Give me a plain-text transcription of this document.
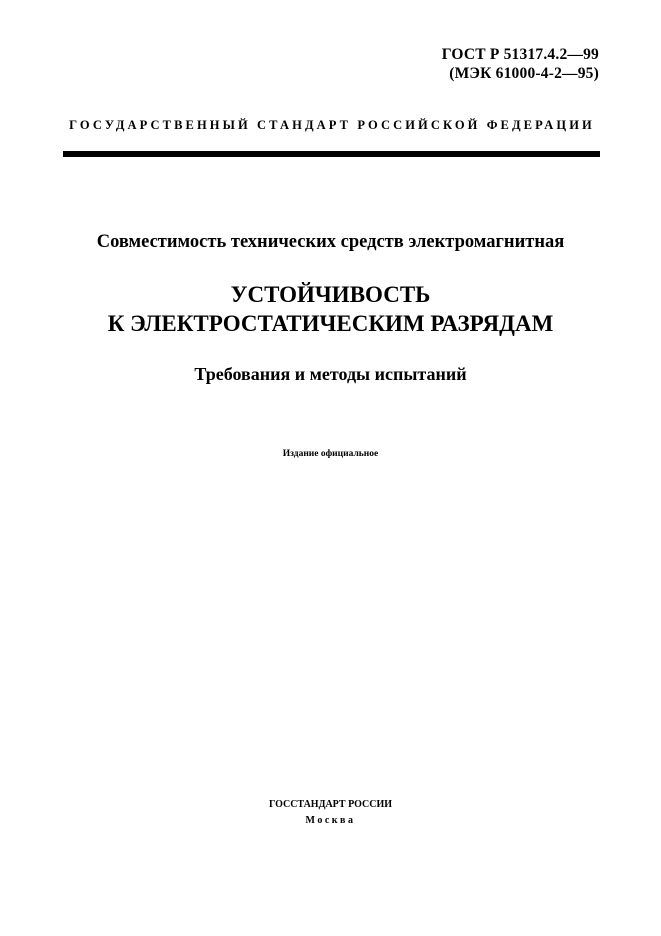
ГОСТ Р 51317.4.2—99
(МЭК 61000-4-2—95)
ГОСУДАРСТВЕННЫЙ СТАНДАРТ РОССИЙСКОЙ ФЕДЕРАЦИИ
Совместимость технических средств электромагнитная
УСТОЙЧИВОСТЬ
К ЭЛЕКТРОСТАТИЧЕСКИМ РАЗРЯДАМ
Требования и методы испытаний
Издание официальное
ГОССТАНДАРТ РОССИИ
Москва
